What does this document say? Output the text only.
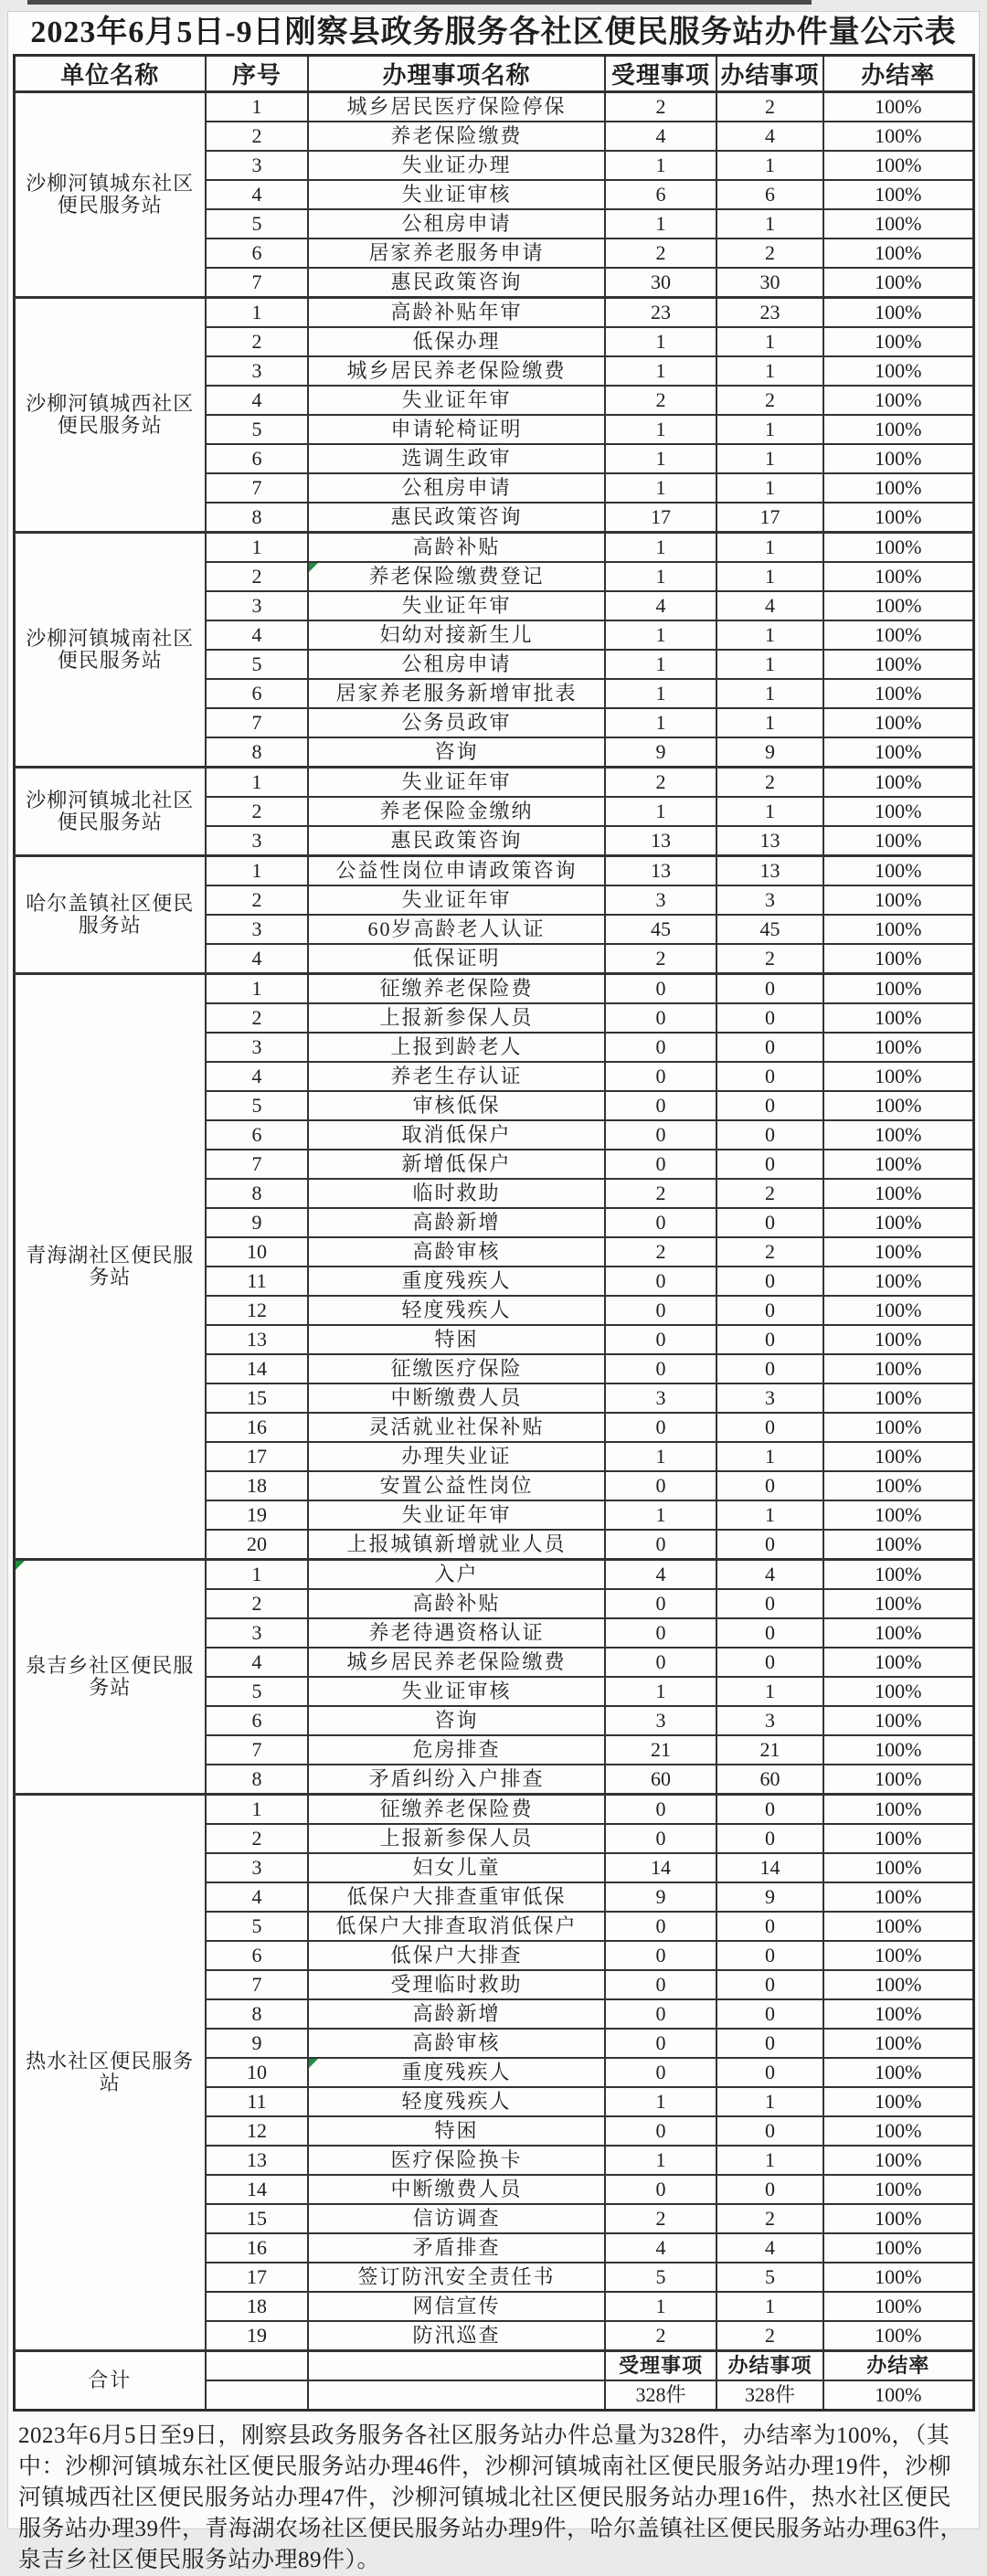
2023年6月5日-9日刚察县政务服务各社区便民服务站办件量公示表
单位名称	序号	办理事项名称	受理事项	办结事项	办结率
沙柳河镇城东社区便民服务站	1	城乡居民医疗保险停保	2	2	100%
	2	养老保险缴费	4	4	100%
	3	失业证办理	1	1	100%
	4	失业证审核	6	6	100%
	5	公租房申请	1	1	100%
	6	居家养老服务申请	2	2	100%
	7	惠民政策咨询	30	30	100%
沙柳河镇城西社区便民服务站	1	高龄补贴年审	23	23	100%
	2	低保办理	1	1	100%
	3	城乡居民养老保险缴费	1	1	100%
	4	失业证年审	2	2	100%
	5	申请轮椅证明	1	1	100%
	6	选调生政审	1	1	100%
	7	公租房申请	1	1	100%
	8	惠民政策咨询	17	17	100%
沙柳河镇城南社区便民服务站	1	高龄补贴	1	1	100%
	2	养老保险缴费登记	1	1	100%
	3	失业证年审	4	4	100%
	4	妇幼对接新生儿	1	1	100%
	5	公租房申请	1	1	100%
	6	居家养老服务新增审批表	1	1	100%
	7	公务员政审	1	1	100%
	8	咨询	9	9	100%
沙柳河镇城北社区便民服务站	1	失业证年审	2	2	100%
	2	养老保险金缴纳	1	1	100%
	3	惠民政策咨询	13	13	100%
哈尔盖镇社区便民服务站	1	公益性岗位申请政策咨询	13	13	100%
	2	失业证年审	3	3	100%
	3	60岁高龄老人认证	45	45	100%
	4	低保证明	2	2	100%
青海湖社区便民服务站	1	征缴养老保险费	0	0	100%
	2	上报新参保人员	0	0	100%
	3	上报到龄老人	0	0	100%
	4	养老生存认证	0	0	100%
	5	审核低保	0	0	100%
	6	取消低保户	0	0	100%
	7	新增低保户	0	0	100%
	8	临时救助	2	2	100%
	9	高龄新增	0	0	100%
	10	高龄审核	2	2	100%
	11	重度残疾人	0	0	100%
	12	轻度残疾人	0	0	100%
	13	特困	0	0	100%
	14	征缴医疗保险	0	0	100%
	15	中断缴费人员	3	3	100%
	16	灵活就业社保补贴	0	0	100%
	17	办理失业证	1	1	100%
	18	安置公益性岗位	0	0	100%
	19	失业证年审	1	1	100%
	20	上报城镇新增就业人员	0	0	100%
泉吉乡社区便民服务站	1	入户	4	4	100%
	2	高龄补贴	0	0	100%
	3	养老待遇资格认证	0	0	100%
	4	城乡居民养老保险缴费	0	0	100%
	5	失业证审核	1	1	100%
	6	咨询	3	3	100%
	7	危房排查	21	21	100%
	8	矛盾纠纷入户排查	60	60	100%
热水社区便民服务站	1	征缴养老保险费	0	0	100%
	2	上报新参保人员	0	0	100%
	3	妇女儿童	14	14	100%
	4	低保户大排查重审低保	9	9	100%
	5	低保户大排查取消低保户	0	0	100%
	6	低保户大排查	0	0	100%
	7	受理临时救助	0	0	100%
	8	高龄新增	0	0	100%
	9	高龄审核	0	0	100%
	10	重度残疾人	0	0	100%
	11	轻度残疾人	1	1	100%
	12	特困	0	0	100%
	13	医疗保险换卡	1	1	100%
	14	中断缴费人员	0	0	100%
	15	信访调查	2	2	100%
	16	矛盾排查	4	4	100%
	17	签订防汛安全责任书	5	5	100%
	18	网信宣传	1	1	100%
	19	防汛巡查	2	2	100%
合计			受理事项	办结事项	办结率
			328件	328件	100%
2023年6月5日至9日，刚察县政务服务各社区服务站办件总量为328件，办结率为100%，（其中：沙柳河镇城东社区便民服务站办理46件，沙柳河镇城南社区便民服务站办理19件，沙柳河镇城西社区便民服务站办理47件，沙柳河镇城北社区便民服务站办理16件，热水社区便民服务站办理39件，青海湖农场社区便民服务站办理9件，哈尔盖镇社区便民服务站办理63件，泉吉乡社区便民服务站办理89件）。
